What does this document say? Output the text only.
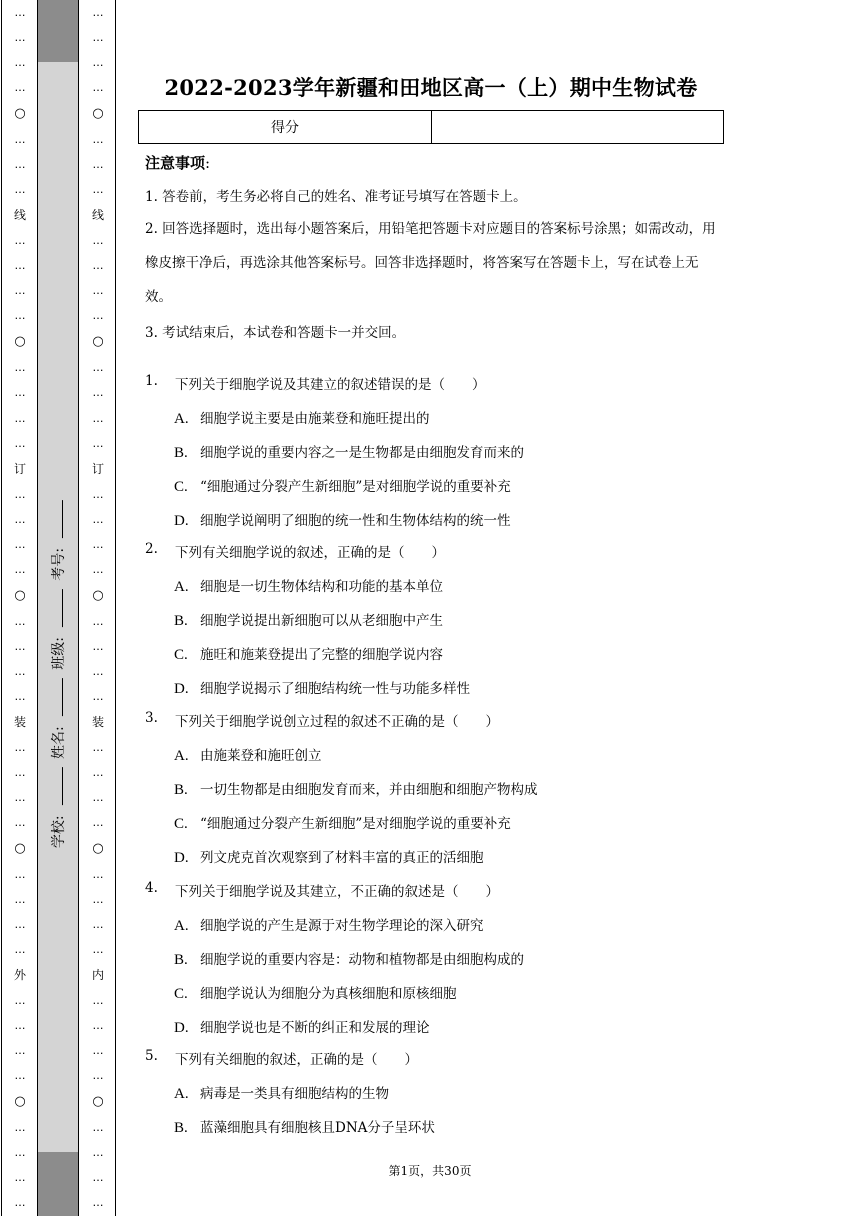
…
…
…
…
○
…
…
…
线
…
…
…
…
○
…
…
…
…
订
…
…
…
…
○
…
…
…
…
装
…
…
…
…
○
…
…
…
…
外
…
…
…
…
○
…
…
…
…
学校: 姓名: 班级: 考号:
…
…
…
…
○
…
…
…
线
…
…
…
…
○
…
…
…
…
订
…
…
…
…
○
…
…
…
…
装
…
…
…
…
○
…
…
…
…
内
…
…
…
…
○
…
…
…
…
2022-2023学年新疆和田地区高一（上）期中生物试卷
得分
注意事项:
1. 答卷前，考生务必将自己的姓名、准考证号填写在答题卡上。
2. 回答选择题时，选出每小题答案后，用铅笔把答题卡对应题目的答案标号涂黑；如需改动，用橡皮擦干净后，再选涂其他答案标号。回答非选择题时，将答案写在答题卡上，写在试卷上无效。
3. 考试结束后，本试卷和答题卡一并交回。
1. 下列关于细胞学说及其建立的叙述错误的是（　　）
A. 细胞学说主要是由施莱登和施旺提出的
B. 细胞学说的重要内容之一是生物都是由细胞发育而来的
C. “细胞通过分裂产生新细胞”是对细胞学说的重要补充
D. 细胞学说阐明了细胞的统一性和生物体结构的统一性
2. 下列有关细胞学说的叙述，正确的是（　　）
A. 细胞是一切生物体结构和功能的基本单位
B. 细胞学说提出新细胞可以从老细胞中产生
C. 施旺和施莱登提出了完整的细胞学说内容
D. 细胞学说揭示了细胞结构统一性与功能多样性
3. 下列关于细胞学说创立过程的叙述不正确的是（　　）
A. 由施莱登和施旺创立
B. 一切生物都是由细胞发育而来，并由细胞和细胞产物构成
C. “细胞通过分裂产生新细胞”是对细胞学说的重要补充
D. 列文虎克首次观察到了材料丰富的真正的活细胞
4. 下列关于细胞学说及其建立，不正确的叙述是（　　）
A. 细胞学说的产生是源于对生物学理论的深入研究
B. 细胞学说的重要内容是：动物和植物都是由细胞构成的
C. 细胞学说认为细胞分为真核细胞和原核细胞
D. 细胞学说也是不断的纠正和发展的理论
5. 下列有关细胞的叙述，正确的是（　　）
A. 病毒是一类具有细胞结构的生物
B. 蓝藻细胞具有细胞核且DNA分子呈环状
第1页，共30页
